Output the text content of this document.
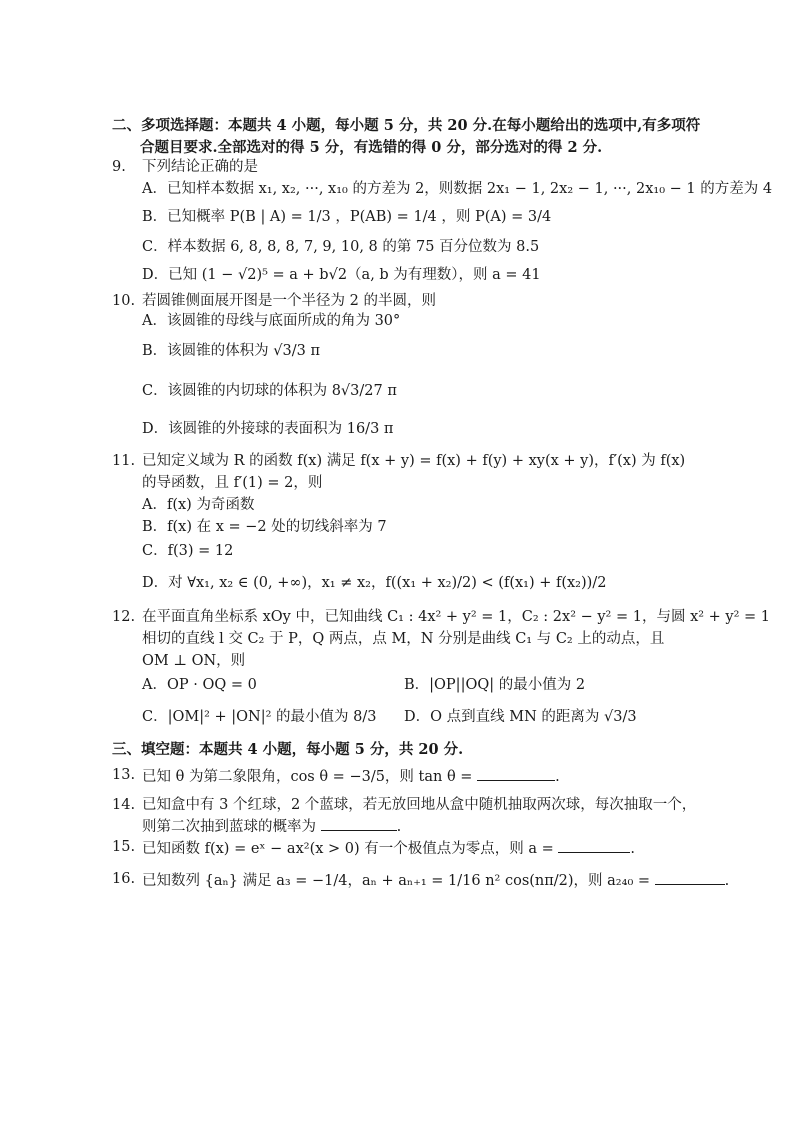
二、多项选择题：本题共 4 小题，每小题 5 分，共 20 分.在每小题给出的选项中,有多项符
合题目要求.全部选对的得 5 分，有选错的得 0 分，部分选对的得 2 分.
9. 下列结论正确的是
A．已知样本数据 x₁, x₂, ···, x₁₀ 的方差为 2，则数据 2x₁ − 1, 2x₂ − 1, ···, 2x₁₀ − 1 的方差为 4
B．已知概率 P(B | A) = 1/3 ，P(AB) = 1/4 ，则 P(A) = 3/4
C．样本数据 6, 8, 8, 8, 7, 9, 10, 8 的第 75 百分位数为 8.5
D．已知 (1 − √2)⁵ = a + b√2（a, b 为有理数），则 a = 41
10. 若圆锥侧面展开图是一个半径为 2 的半圆，则
A．该圆锥的母线与底面所成的角为 30°
B．该圆锥的体积为 √3/3 π
C．该圆锥的内切球的体积为 8√3/27 π
D．该圆锥的外接球的表面积为 16/3 π
11. 已知定义域为 R 的函数 f(x) 满足 f(x + y) = f(x) + f(y) + xy(x + y)，f′(x) 为 f(x)
的导函数，且 f′(1) = 2，则
A．f(x) 为奇函数
B．f(x) 在 x = −2 处的切线斜率为 7
C．f(3) = 12
D．对 ∀x₁, x₂ ∈ (0, +∞)，x₁ ≠ x₂，f((x₁ + x₂)/2) < (f(x₁) + f(x₂))/2
12. 在平面直角坐标系 xOy 中，已知曲线 C₁ : 4x² + y² = 1，C₂ : 2x² − y² = 1，与圆 x² + y² = 1
相切的直线 l 交 C₂ 于 P，Q 两点，点 M，N 分别是曲线 C₁ 与 C₂ 上的动点，且
OM ⊥ ON，则
A．OP · OQ = 0	B．|OP||OQ| 的最小值为 2
C．|OM|² + |ON|² 的最小值为 8/3 D．O 点到直线 MN 的距离为 √3/3
三、填空题：本题共 4 小题，每小题 5 分，共 20 分.
13. 已知 θ 为第二象限角，cos θ = −3/5，则 tan θ =	.
14. 已知盒中有 3 个红球，2 个蓝球，若无放回地从盒中随机抽取两次球，每次抽取一个，
则第二次抽到蓝球的概率为	.
15. 已知函数 f(x) = eˣ − ax²(x > 0) 有一个极值点为零点，则 a =	.
16. 已知数列 {aₙ} 满足 a₃ = −1/4，aₙ + aₙ₊₁ = 1/16 n² cos(nπ/2)，则 a₂₄₀ =	.
